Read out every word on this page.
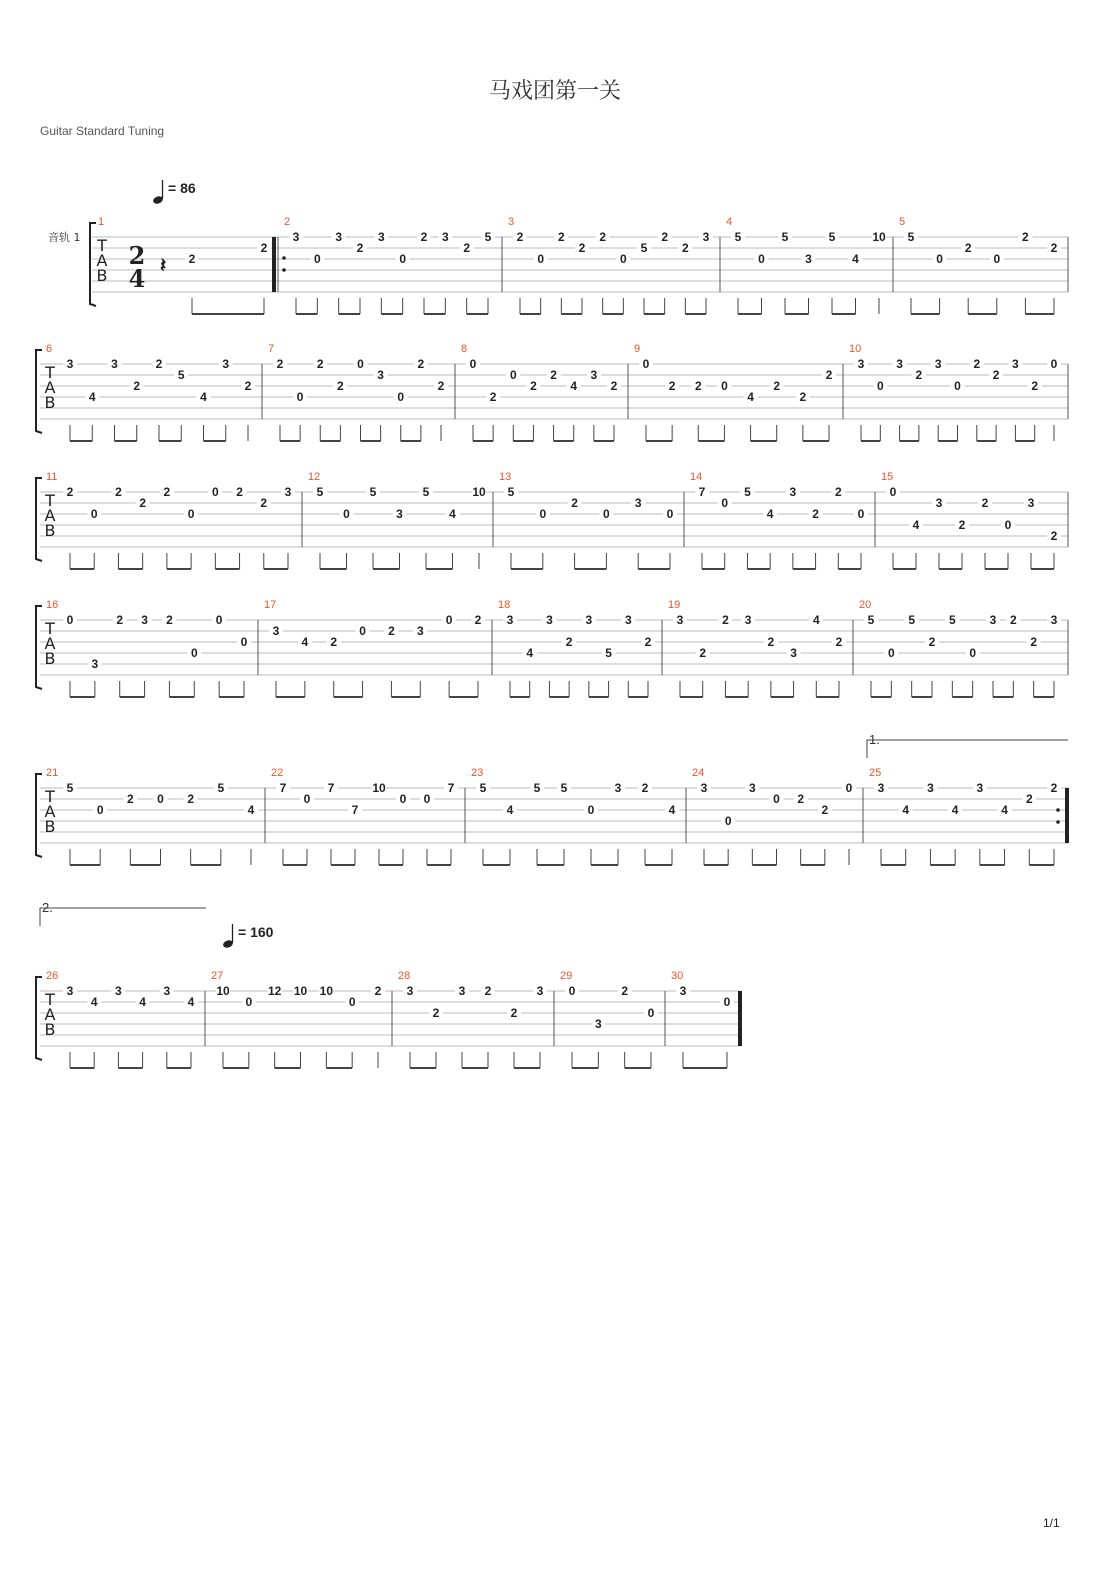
马戏团第一关
Guitar Standard Tuning
音轨 1 T
A
B
1
2
2
2
3
0
3
2
3
0
2 3
2
5
3
2
0
2
2
2
0
5
2
2
3
4
5
0
5
3
5
4
10
5
5
0
2
0
2
2
T
A
B
6
3
4
3
2
2
5
4
3
2
7
2
0
2
2
0
3
0
2
2
8
0
2
0
2
2
4
3
2
9
0
2 2 0
4
2
2
2
10
3
0
3
2
3
0
2
2
3
2
0
T
A
B
11
2
0
2
2
2
0
0 2
2
3
12
5
0
5
3
5
4
10
13
5
0
2
0
3
0
14
7
0
5
4
3
2
2
0
15
0
4
3
2
2
0
3
2
T
A
B
16
0
3
2 3 2
0
0
0
17
3
4 2
0 2 3
0 2
18
3
4
3
2
3
5
3
2
19
3
2
2 3
2
3
4
2
20
5
0
5
2
5
0
3 2
2
3
T
A
B
21
5
0
2 0 2
5
4
22
7
0
7
7
10
0 0
7
23
5
4
5 5
0
3 2
4
24
3
0
3
0 2
2
0
25
3
4
3
4
3
4
2
2
T
A
B
26
3
4
3
4
3
4
27
10
0
12 10 10
0
2
28
3
2
3 2
2
3
29
0
3
2
0
30
3
0
2
4 𝄽
= 86
= 160
1.
2.
1/1
